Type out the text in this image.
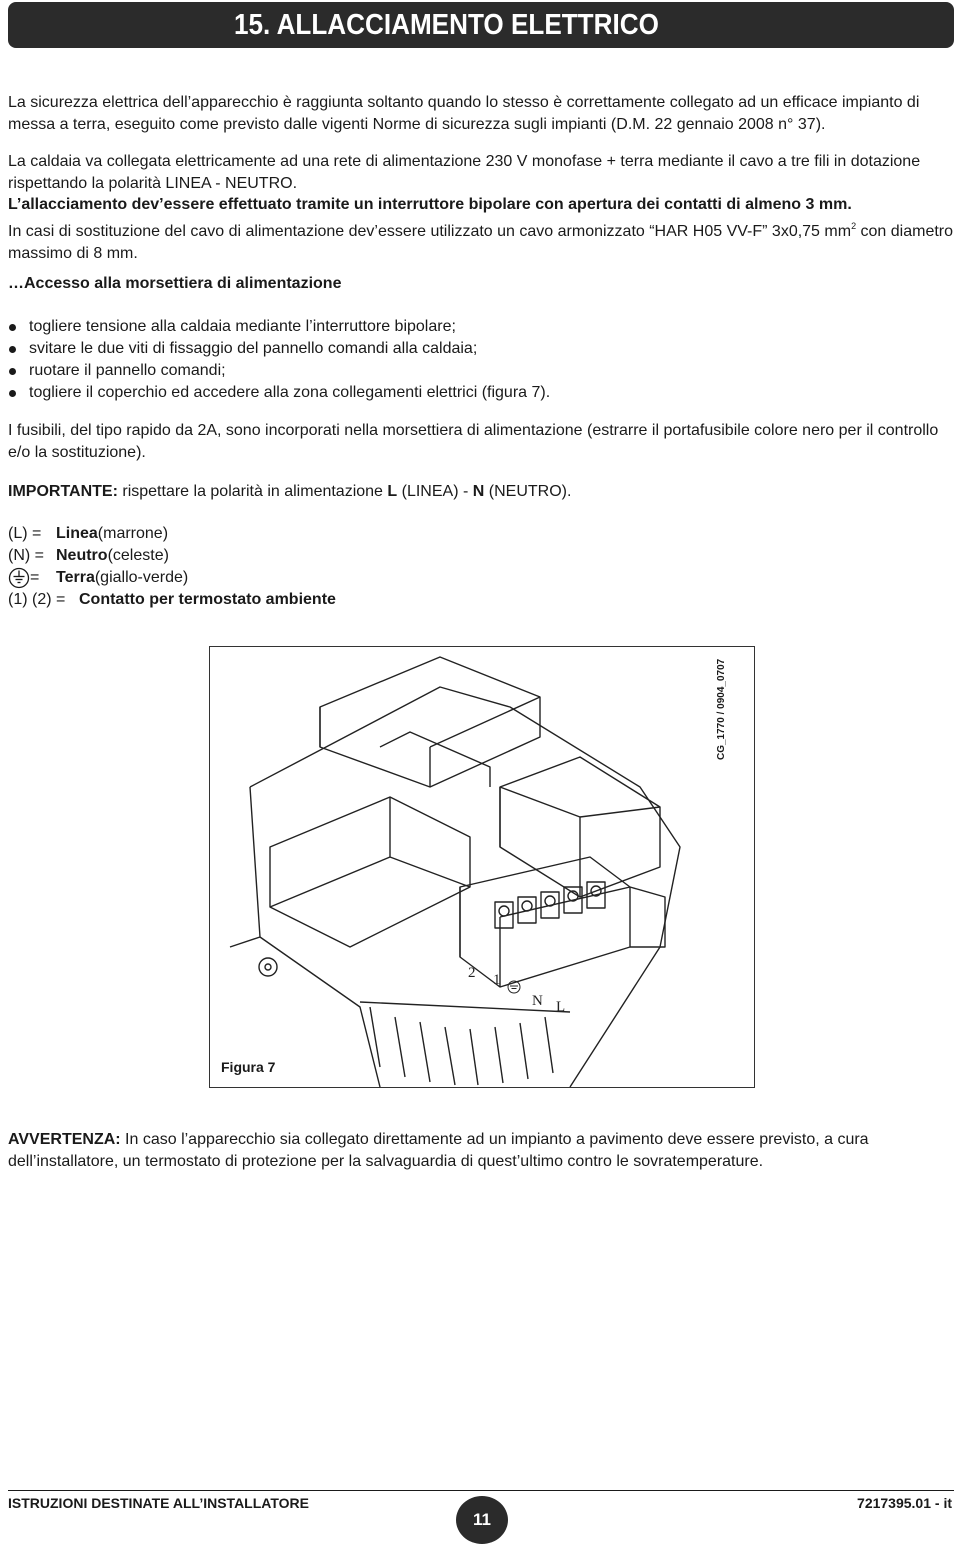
15. ALLACCIAMENTO ELETTRICO

La sicurezza elettrica dell’apparecchio è raggiunta soltanto quando lo stesso è correttamente collegato ad un efficace impianto di messa a terra, eseguito come previsto dalle vigenti Norme di sicurezza sugli impianti (D.M. 22 gennaio 2008 n° 37).

La caldaia va collegata elettricamente ad una rete di alimentazione 230 V monofase + terra mediante il cavo a tre fili in dotazione rispettando la polarità LINEA - NEUTRO.

L’allacciamento dev’essere effettuato tramite un interruttore bipolare con apertura dei contatti di almeno 3 mm.

In casi di sostituzione del cavo di alimentazione dev’essere utilizzato un cavo armonizzato “HAR H05 VV-F” 3x0,75 $mm^2$ con diametro massimo di 8 mm.

…Accesso alla morsettiera di alimentazione
togliere tensione alla caldaia mediante l’interruttore bipolare;
svitare le due viti di fissaggio del pannello comandi alla caldaia;
ruotare il pannello comandi;
togliere il coperchio ed accedere alla zona collegamenti elettrici (figura 7).

I fusibili, del tipo rapido da 2A, sono incorporati nella morsettiera di alimentazione (estrarre il portafusibile colore nero per il controllo e/o la sostituzione).

IMPORTANTE: rispettare la polarità in alimentazione L (LINEA) - N (NEUTRO).

(L) = Linea (marrone)
(N) = Neutro (celeste)
=	Terra (giallo-verde)
(1) (2) = Contatto per termostato ambiente
2 1
N L
CG_1770 / 0904_0707
Figura 7

AVVERTENZA: In caso l’apparecchio sia collegato direttamente ad un impianto a pavimento deve essere previsto, a cura dell’installatore, un termostato di protezione per la salvaguardia di quest’ultimo contro le sovratemperature.

ISTRUZIONI DESTINATE ALL’INSTALLATORE
11
7217395.01 - it
